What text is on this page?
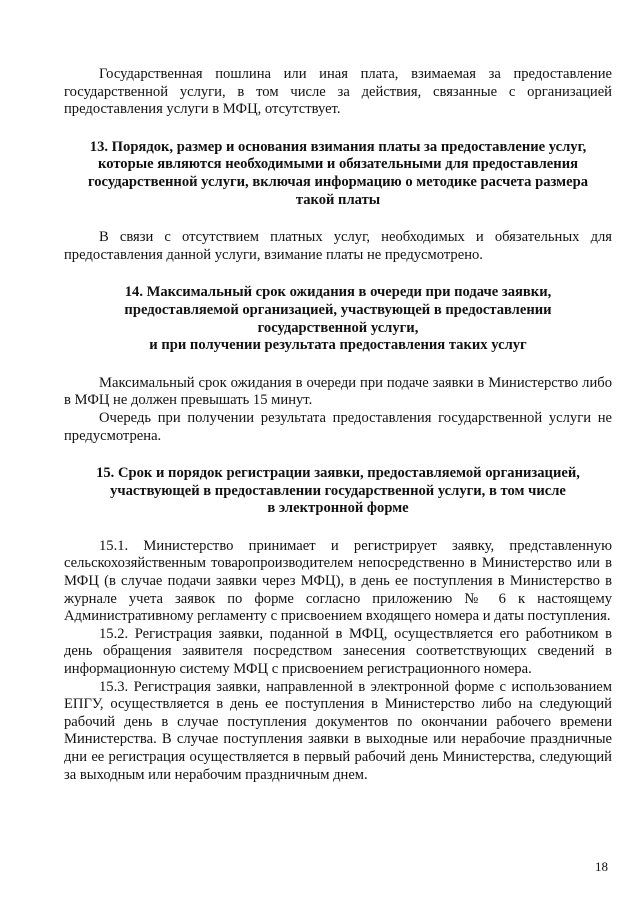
Государственная пошлина или иная плата, взимаемая за предоставление государственной услуги, в том числе за действия, связанные с организацией предоставления услуги в МФЦ, отсутствует.

13. Порядок, размер и основания взимания платы за предоставление услуг, которые являются необходимыми и обязательными для предоставления государственной услуги, включая информацию о методике расчета размера такой платы

В связи с отсутствием платных услуг, необходимых и обязательных для предоставления данной услуги, взимание платы не предусмотрено.

14. Максимальный срок ожидания в очереди при подаче заявки, предоставляемой организацией, участвующей в предоставлении государственной услуги,

и при получении результата предоставления таких услуг

Максимальный срок ожидания в очереди при подаче заявки в Министерство либо в МФЦ не должен превышать 15 минут.

Очередь при получении результата предоставления государственной услуги не предусмотрена.

15. Срок и порядок регистрации заявки, предоставляемой организацией, участвующей в предоставлении государственной услуги, в том числе

в электронной форме

15.1. Министерство принимает и регистрирует заявку, представленную сельскохозяйственным товаропроизводителем непосредственно в Министерство или в МФЦ (в случае подачи заявки через МФЦ), в день ее поступления в Министерство в журнале учета заявок по форме согласно приложению № 6 к настоящему Административному регламенту с присвоением входящего номера и даты поступления.

15.2. Регистрация заявки, поданной в МФЦ, осуществляется его работником в день обращения заявителя посредством занесения соответствующих сведений в информационную систему МФЦ с присвоением регистрационного номера.

15.3. Регистрация заявки, направленной в электронной форме с использованием ЕПГУ, осуществляется в день ее поступления в Министерство либо на следующий рабочий день в случае поступления документов по окончании рабочего времени Министерства. В случае поступления заявки в выходные или нерабочие праздничные дни ее регистрация осуществляется в первый рабочий день Министерства, следующий за выходным или нерабочим праздничным днем.

18
